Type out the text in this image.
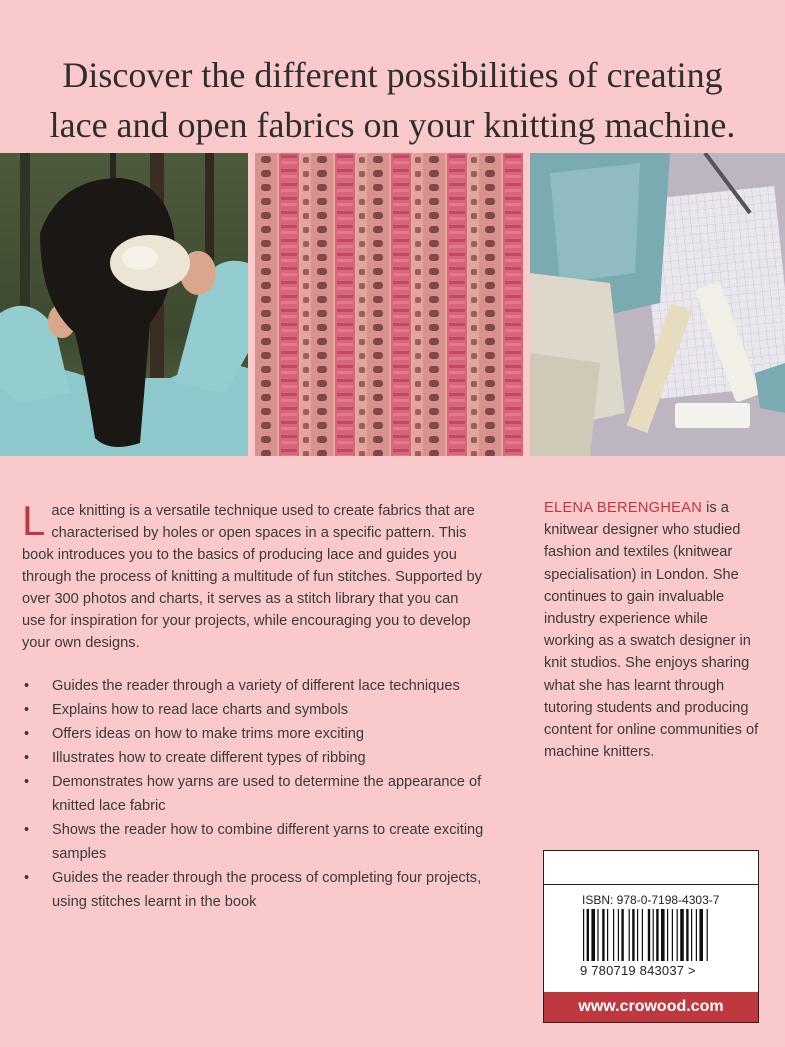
Discover the different possibilities of creating
lace and open fabrics on your knitting machine.
Lace knitting is a versatile technique used to create fabrics that are characterised by holes or open spaces in a specific pattern. This book introduces you to the basics of producing lace and guides you through the process of knitting a multitude of fun stitches. Supported by over 300 photos and charts, it serves as a stitch library that you can use for inspiration for your projects, while encouraging you to develop your own designs.
• Guides the reader through a variety of different lace techniques
• Explains how to read lace charts and symbols
• Offers ideas on how to make trims more exciting
• Illustrates how to create different types of ribbing
• Demonstrates how yarns are used to determine the appearance of knitted lace fabric
• Shows the reader how to combine different yarns to create exciting samples
• Guides the reader through the process of completing four projects, using stitches learnt in the book
ELENA BERENGHEAN is a knitwear designer who studied fashion and textiles (knitwear specialisation) in London. She continues to gain invaluable industry experience while working as a swatch designer in knit studios. She enjoys sharing what she has learnt through tutoring students and producing content for online communities of machine knitters.
ISBN: 978-0-7198-4303-7
9 780719 843037 >
www.crowood.com
